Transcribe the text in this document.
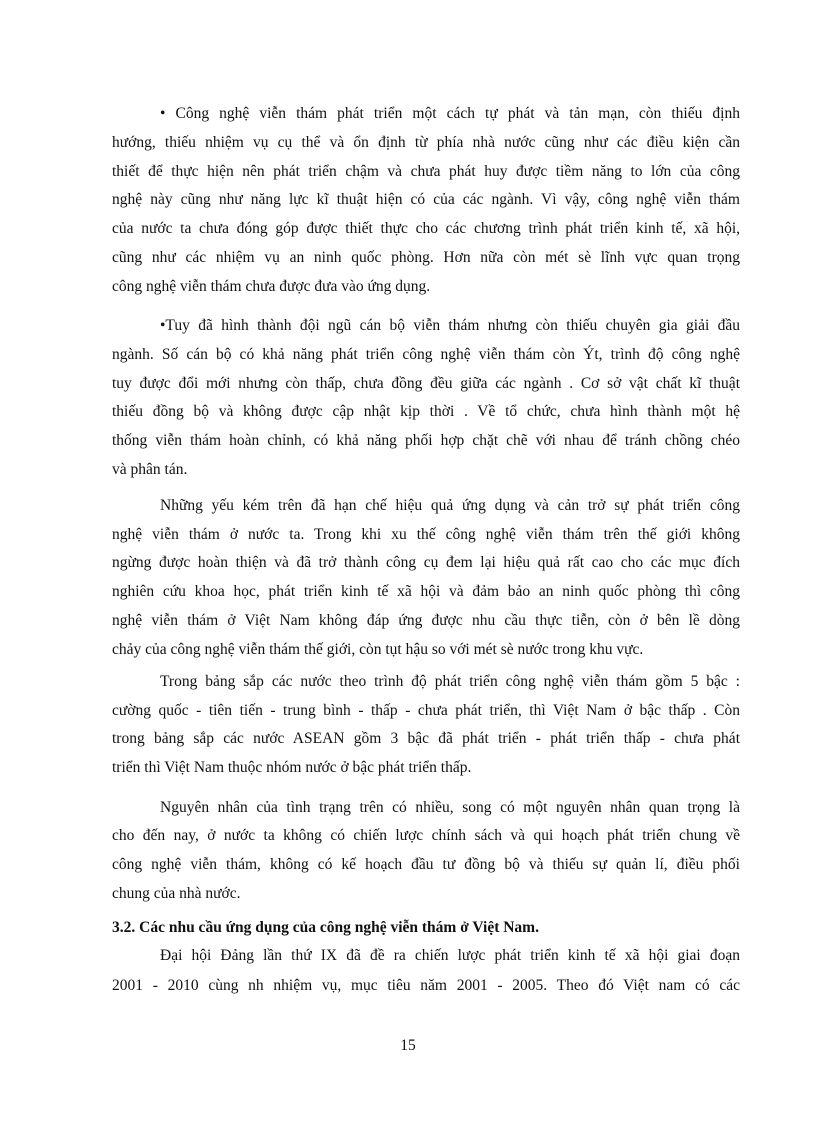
• Công nghệ viễn thám phát triển một cách tự phát và tản mạn, còn thiếu định
hướng, thiếu nhiệm vụ cụ thể và ổn định từ phía nhà nước cũng như các điều kiện cần
thiết để thực hiện nên phát triển chậm và chưa phát huy được tiềm năng to lớn của công
nghệ này cũng như năng lực kĩ thuật hiện có của các ngành. Vì vậy, công nghệ viễn thám
của nước ta chưa đóng góp được thiết thực cho các chương trình phát triển kinh tế, xã hội,
cũng như các nhiệm vụ an ninh quốc phòng. Hơn nữa còn mét sè lĩnh vực quan trọng
công nghệ viễn thám chưa được đưa vào ứng dụng.
•Tuy đã hình thành đội ngũ cán bộ viễn thám nhưng còn thiếu chuyên gia giải đầu
ngành. Số cán bộ có khả năng phát triển công nghệ viễn thám còn Ýt, trình độ công nghệ
tuy được đổi mới nhưng còn thấp, chưa đồng đều giữa các ngành . Cơ sở vật chất kĩ thuật
thiếu đồng bộ và không được cập nhật kịp thời . Về tổ chức, chưa hình thành một hệ
thống viễn thám hoàn chỉnh, có khả năng phối hợp chặt chẽ với nhau để tránh chồng chéo
và phân tán.
Những yếu kém trên đã hạn chế hiệu quả ứng dụng và cản trở sự phát triển công
nghệ viễn thám ở nước ta. Trong khi xu thế công nghệ viễn thám trên thế giới không
ngừng được hoàn thiện và đã trở thành công cụ đem lại hiệu quả rất cao cho các mục đích
nghiên cứu khoa học, phát triển kinh tế xã hội và đảm bảo an ninh quốc phòng thì công
nghệ viễn thám ở Việt Nam không đáp ứng được nhu cầu thực tiễn, còn ở bên lề dòng
chảy của công nghệ viễn thám thế giới, còn tụt hậu so với mét sè nước trong khu vực.
Trong bảng sắp các nước theo trình độ phát triển công nghệ viễn thám gồm 5 bậc :
cường quốc - tiên tiến - trung bình - thấp - chưa phát triển, thì Việt Nam ở bậc thấp . Còn
trong bảng sắp các nước ASEAN gồm 3 bậc đã phát triển - phát triển thấp - chưa phát
triển thì Việt Nam thuộc nhóm nước ở bậc phát triển thấp.
Nguyên nhân của tình trạng trên có nhiều, song có một nguyên nhân quan trọng là
cho đến nay, ở nước ta không có chiến lược chính sách và qui hoạch phát triển chung về
công nghệ viễn thám, không có kế hoạch đầu tư đồng bộ và thiếu sự quản lí, điều phối
chung của nhà nước.
3.2. Các nhu cầu ứng dụng của công nghệ viễn thám ở Việt Nam.
Đại hội Đảng lần thứ IX đã đề ra chiến lược phát triển kinh tế xã hội giai đoạn
2001 - 2010 cùng nh nhiệm vụ, mục tiêu năm 2001 - 2005. Theo đó Việt nam có các
15
